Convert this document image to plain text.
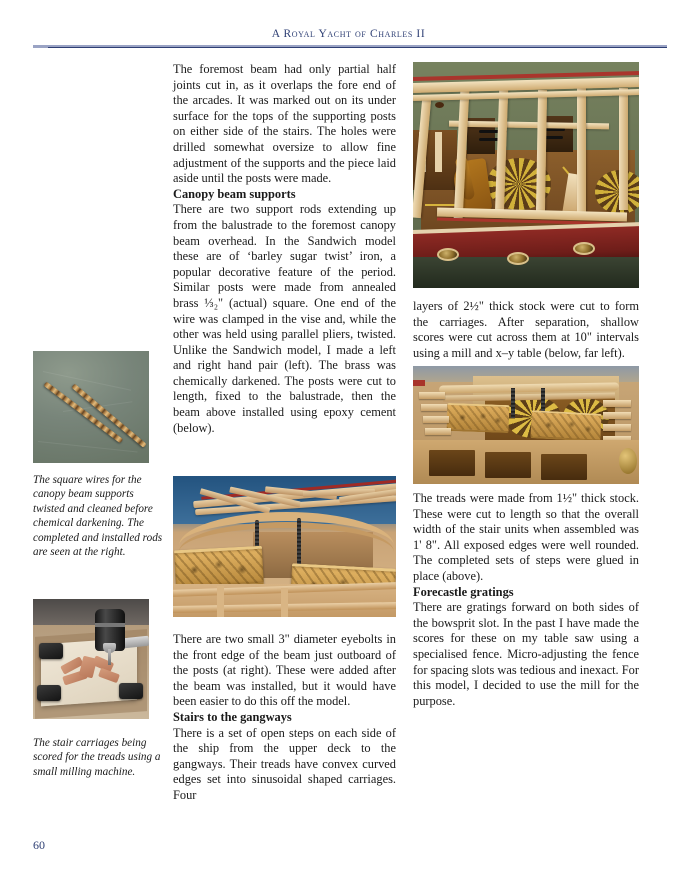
A Royal Yacht of Charles II

The square wires for the canopy beam supports twisted and cleaned before chemical darkening. The completed and installed rods are seen at the right.

The stair carriages being scored for the treads using a small milling machine.

The foremost beam had only partial half joints cut in, as it overlaps the fore end of the arcades. It was marked out on its under surface for the tops of the supporting posts on either side of the stairs. The holes were drilled somewhat oversize to allow fine adjustment of the supports and the piece laid aside until the posts were made.

Canopy beam supports

There are two support rods extending up from the balustrade to the foremost canopy beam overhead. In the Sandwich model these are of ‘barley sugar twist’ iron, a popular decorative feature of the period. Similar posts were made from annealed brass ⅓₂" (actual) square. One end of the wire was clamped in the vise and, while the other was held using parallel pliers, twisted. Unlike the Sandwich model, I made a left and right hand pair (left). The brass was chemically darkened. The posts were cut to length, fixed to the balustrade, then the beam above installed using epoxy cement (below).

There are two small 3" diameter eyebolts in the front edge of the beam just outboard of the posts (at right). These were added after the beam was installed, but it would have been easier to do this off the model.

Stairs to the gangways

There is a set of open steps on each side of the ship from the upper deck to the gangways. Their treads have convex curved edges set into sinusoidal shaped carriages. Four

layers of 2½" thick stock were cut to form the carriages. After separation, shallow scores were cut across them at 10" intervals using a mill and x–y table (below, far left).

The treads were made from 1½" thick stock. These were cut to length so that the overall width of the stair units when assembled was 1' 8". All exposed edges were well rounded. The completed sets of steps were glued in place (above).

Forecastle gratings

There are gratings forward on both sides of the bowsprit slot. In the past I have made the scores for these on my table saw using a specialised fence. Micro-adjusting the fence for spacing slots was tedious and inexact. For this model, I decided to use the mill for the purpose.

60
